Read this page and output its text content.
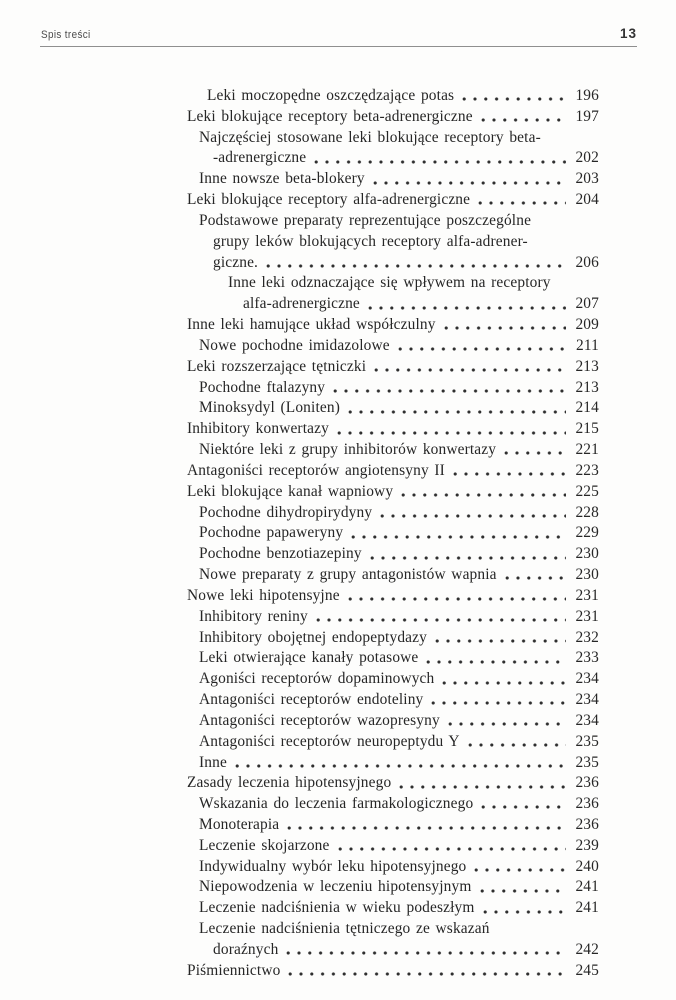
Spis treści	13
Leki moczopędne oszczędzające potas	196
Leki blokujące receptory beta-adrenergiczne	197
Najczęściej stosowane leki blokujące receptory beta-
-adrenergiczne	202
Inne nowsze beta-blokery	203
Leki blokujące receptory alfa-adrenergiczne	204
Podstawowe preparaty reprezentujące poszczególne
grupy leków blokujących receptory alfa-adrener-
giczne.	206
Inne leki odznaczające się wpływem na receptory
alfa-adrenergiczne	207
Inne leki hamujące układ współczulny	209
Nowe pochodne imidazolowe	211
Leki rozszerzające tętniczki	213
Pochodne ftalazyny	213
Minoksydyl (Loniten)	214
Inhibitory konwertazy	215
Niektóre leki z grupy inhibitorów konwertazy	221
Antagoniści receptorów angiotensyny II	223
Leki blokujące kanał wapniowy	225
Pochodne dihydropirydyny	228
Pochodne papaweryny	229
Pochodne benzotiazepiny	230
Nowe preparaty z grupy antagonistów wapnia	230
Nowe leki hipotensyjne	231
Inhibitory reniny	231
Inhibitory obojętnej endopeptydazy	232
Leki otwierające kanały potasowe	233
Agoniści receptorów dopaminowych	234
Antagoniści receptorów endoteliny	234
Antagoniści receptorów wazopresyny	234
Antagoniści receptorów neuropeptydu Y	235
Inne	235
Zasady leczenia hipotensyjnego	236
Wskazania do leczenia farmakologicznego	236
Monoterapia	236
Leczenie skojarzone	239
Indywidualny wybór leku hipotensyjnego	240
Niepowodzenia w leczeniu hipotensyjnym	241
Leczenie nadciśnienia w wieku podeszłym	241
Leczenie nadciśnienia tętniczego ze wskazań
doraźnych	242
Piśmiennictwo	245
